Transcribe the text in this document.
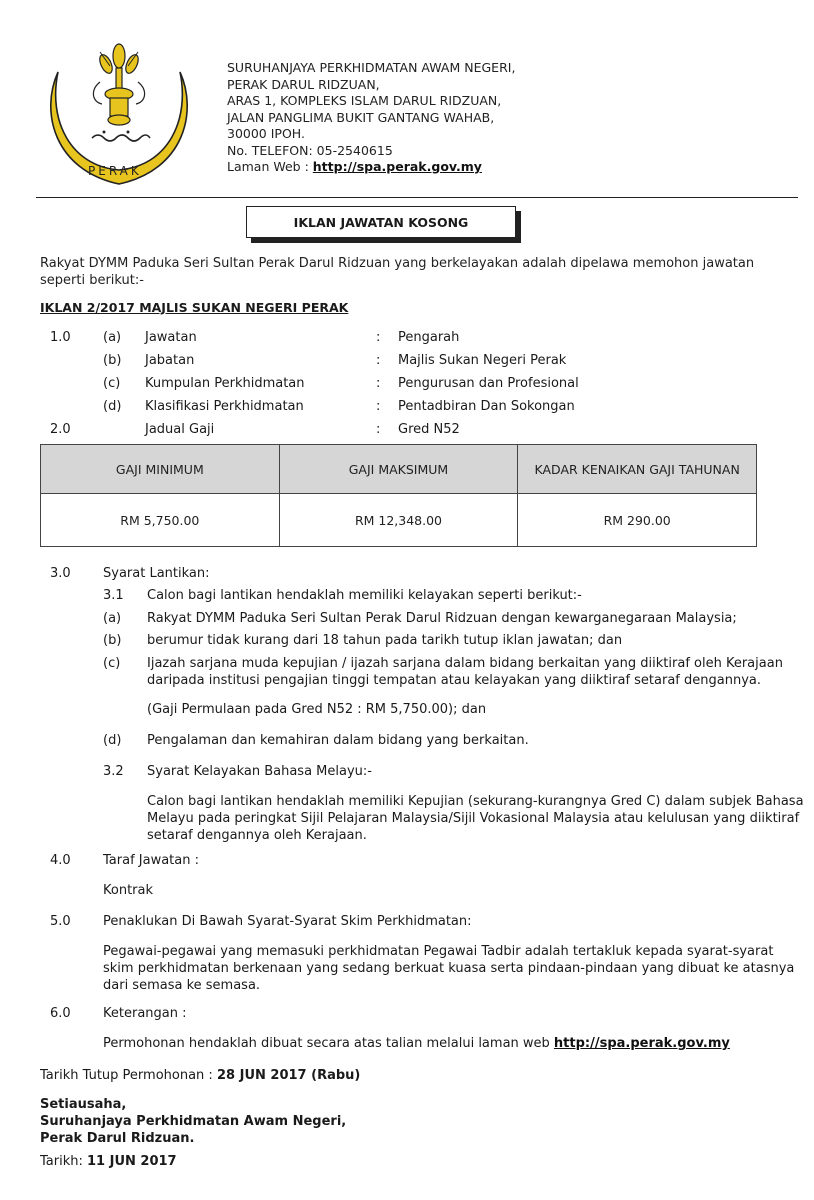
PERAK
SURUHANJAYA PERKHIDMATAN AWAM NEGERI,
PERAK DARUL RIDZUAN,
ARAS 1, KOMPLEKS ISLAM DARUL RIDZUAN,
JALAN PANGLIMA BUKIT GANTANG WAHAB,
30000 IPOH.
No. TELEFON: 05-2540615
Laman Web : http://spa.perak.gov.my
IKLAN JAWATAN KOSONG
Rakyat DYMM Paduka Seri Sultan Perak Darul Ridzuan yang berkelayakan adalah dipelawa memohon jawatan seperti berikut:-
IKLAN 2/2017 MAJLIS SUKAN NEGERI PERAK
1.0 (a) Jawatan	: Pengarah
(b) Jabatan	: Majlis Sukan Negeri Perak
(c) Kumpulan Perkhidmatan	: Pengurusan dan Profesional
(d) Klasifikasi Perkhidmatan	: Pentadbiran Dan Sokongan
2.0	Jadual Gaji	: Gred N52
GAJI MINIMUM	GAJI MAKSIMUM	KADAR KENAIKAN GAJI TAHUNAN
RM 5,750.00	RM 12,348.00	RM 290.00
3.0 Syarat Lantikan:
3.1 Calon bagi lantikan hendaklah memiliki kelayakan seperti berikut:-
(a) Rakyat DYMM Paduka Seri Sultan Perak Darul Ridzuan dengan kewarganegaraan Malaysia;
(b) berumur tidak kurang dari 18 tahun pada tarikh tutup iklan jawatan; dan
(c) Ijazah sarjana muda kepujian / ijazah sarjana dalam bidang berkaitan yang diiktiraf oleh Kerajaan
daripada institusi pengajian tinggi tempatan atau kelayakan yang diiktiraf setaraf dengannya.
(Gaji Permulaan pada Gred N52 : RM 5,750.00); dan
(d) Pengalaman dan kemahiran dalam bidang yang berkaitan.
3.2 Syarat Kelayakan Bahasa Melayu:-
Calon bagi lantikan hendaklah memiliki Kepujian (sekurang-kurangnya Gred C) dalam subjek Bahasa
Melayu pada peringkat Sijil Pelajaran Malaysia/Sijil Vokasional Malaysia atau kelulusan yang diiktiraf
setaraf dengannya oleh Kerajaan.
4.0 Taraf Jawatan :
Kontrak
5.0 Penaklukan Di Bawah Syarat-Syarat Skim Perkhidmatan:
Pegawai-pegawai yang memasuki perkhidmatan Pegawai Tadbir adalah tertakluk kepada syarat-syarat
skim perkhidmatan berkenaan yang sedang berkuat kuasa serta pindaan-pindaan yang dibuat ke atasnya
dari semasa ke semasa.
6.0 Keterangan :
Permohonan hendaklah dibuat secara atas talian melalui laman web http://spa.perak.gov.my
Tarikh Tutup Permohonan : 28 JUN 2017 (Rabu)
Setiausaha,
Suruhanjaya Perkhidmatan Awam Negeri,
Perak Darul Ridzuan.
Tarikh: 11 JUN 2017
